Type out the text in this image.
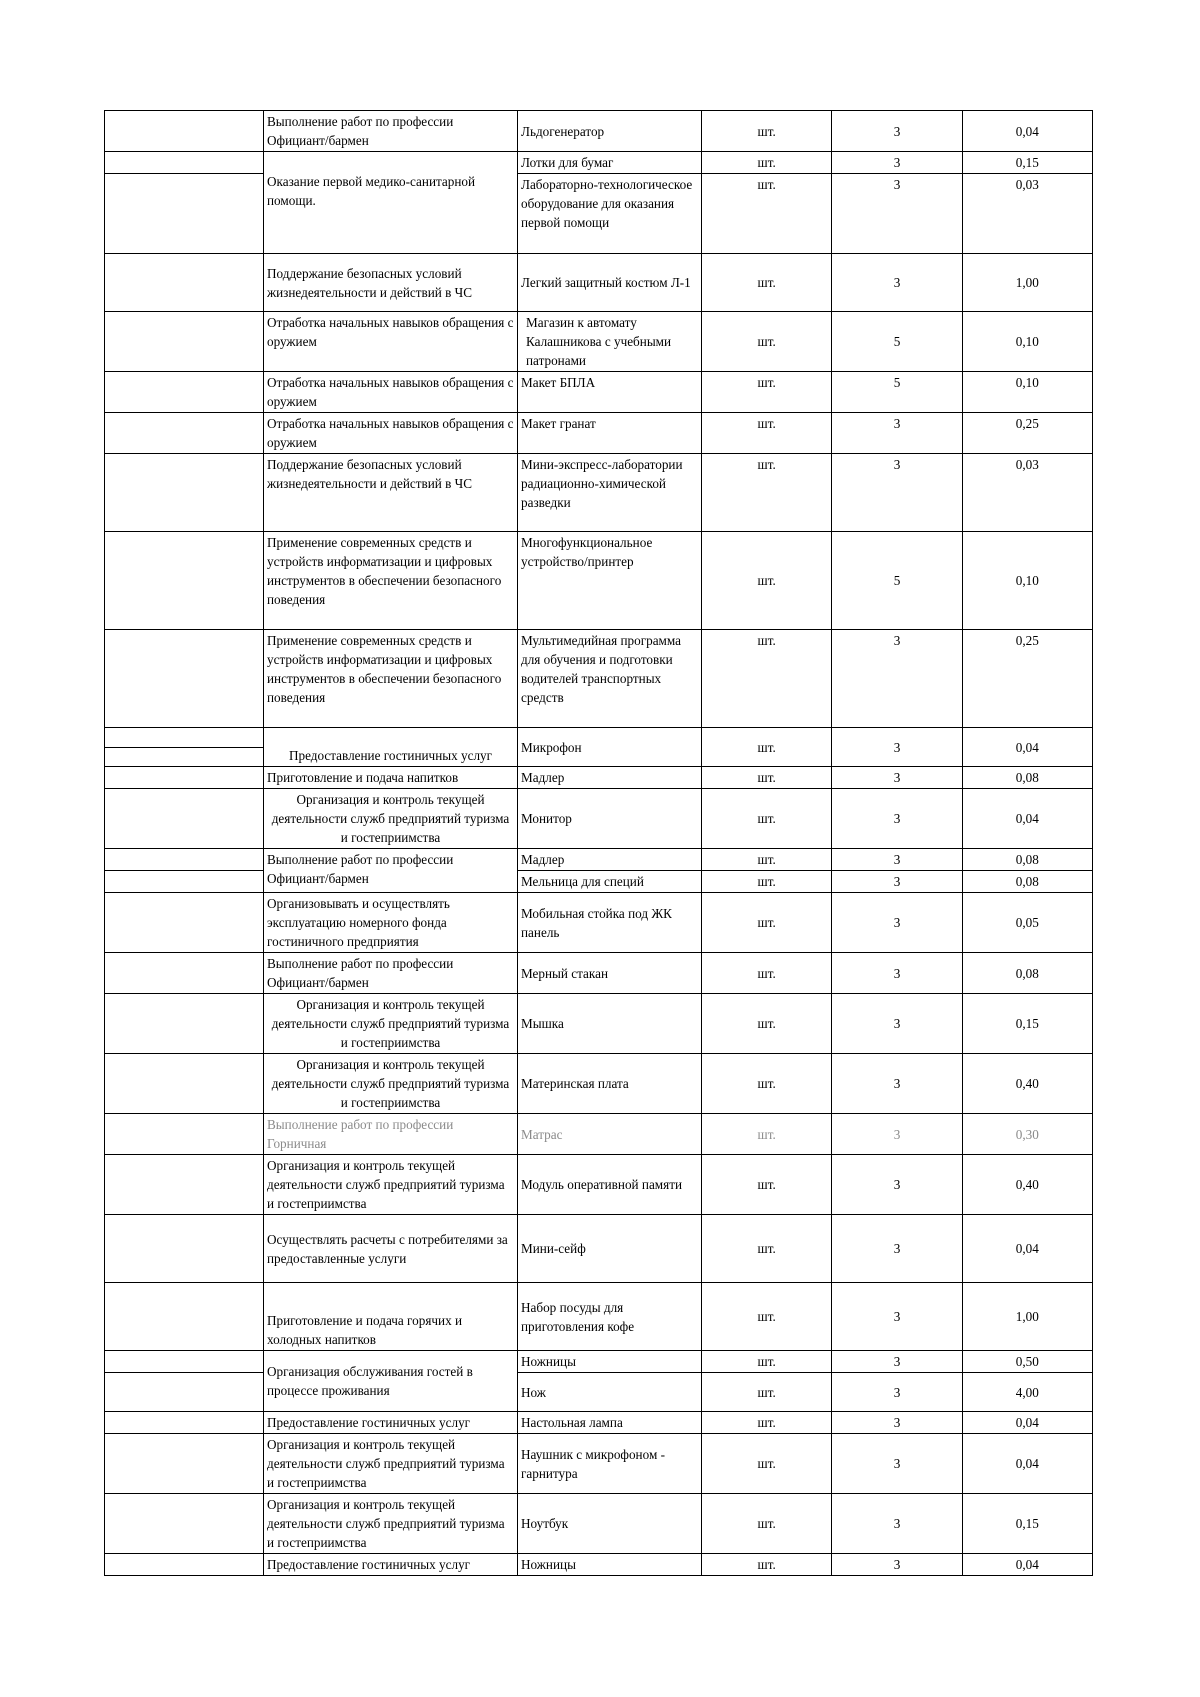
	Выполнение работ по профессии Официант/бармен	Льдогенератор	шт.	3	0,04
	Оказание первой медико-санитарной помощи.	Лотки для бумаг	шт.	3	0,15
		Лабораторно-технологическое оборудование для оказания первой помощи	шт.	3	0,03
	Поддержание безопасных условий жизнедеятельности и действий в ЧС	Легкий защитный костюм Л-1	шт.	3	1,00
	Отработка начальных навыков обращения с оружием	Магазин к автомату Калашникова с учебными патронами	шт.	5	0,10
	Отработка начальных навыков обращения с оружием	Макет БПЛА	шт.	5	0,10
	Отработка начальных навыков обращения с оружием	Макет гранат	шт.	3	0,25
	Поддержание безопасных условий жизнедеятельности и действий в ЧС	Мини-экспресс-лаборатории радиационно-химической разведки	шт.	3	0,03
	Применение современных средств и устройств информатизации и цифровых инструментов в обеспечении безопасного поведения	Многофункциональное устройство/принтер	шт.	5	0,10
	Применение современных средств и устройств информатизации и цифровых инструментов в обеспечении безопасного поведения	Мультимедийная программа для обучения и подготовки водителей транспортных средств	шт.	3	0,25

	Предоставление гостиничных услуг	Микрофон	шт.	3	0,04
	Приготовление и подача напитков	Мадлер	шт.	3	0,08
	Организация и контроль текущей деятельности служб предприятий туризма и гостеприимства	Монитор	шт.	3	0,04
	Выполнение работ по профессии Официант/бармен	Мадлер	шт.	3	0,08
		Мельница для специй	шт.	3	0,08
	Организовывать и осуществлять эксплуатацию номерного фонда гостиничного предприятия	Мобильная стойка под ЖК панель	шт.	3	0,05
	Выполнение работ по профессии Официант/бармен	Мерный стакан	шт.	3	0,08
	Организация и контроль текущей деятельности служб предприятий туризма и гостеприимства	Мышка	шт.	3	0,15
	Организация и контроль текущей деятельности служб предприятий туризма и гостеприимства	Материнская плата	шт.	3	0,40
	Выполнение работ по профессии Горничная	Матрас	шт.	3	0,30
	Организация и контроль текущей деятельности служб предприятий туризма и гостеприимства	Модуль оперативной памяти	шт.	3	0,40
	Осуществлять расчеты с потребителями за предоставленные услуги	Мини-сейф	шт.	3	0,04
	Приготовление и подача горячих и холодных напитков	Набор посуды для приготовления кофе	шт.	3	1,00
	Организация обслуживания гостей в процессе проживания	Ножницы	шт.	3	0,50
		Нож	шт.	3	4,00
	Предоставление гостиничных услуг	Настольная лампа	шт.	3	0,04
	Организация и контроль текущей деятельности служб предприятий туризма и гостеприимства	Наушник с микрофоном - гарнитура	шт.	3	0,04
	Организация и контроль текущей деятельности служб предприятий туризма и гостеприимства	Ноутбук	шт.	3	0,15
	Предоставление гостиничных услуг	Ножницы	шт.	3	0,04
